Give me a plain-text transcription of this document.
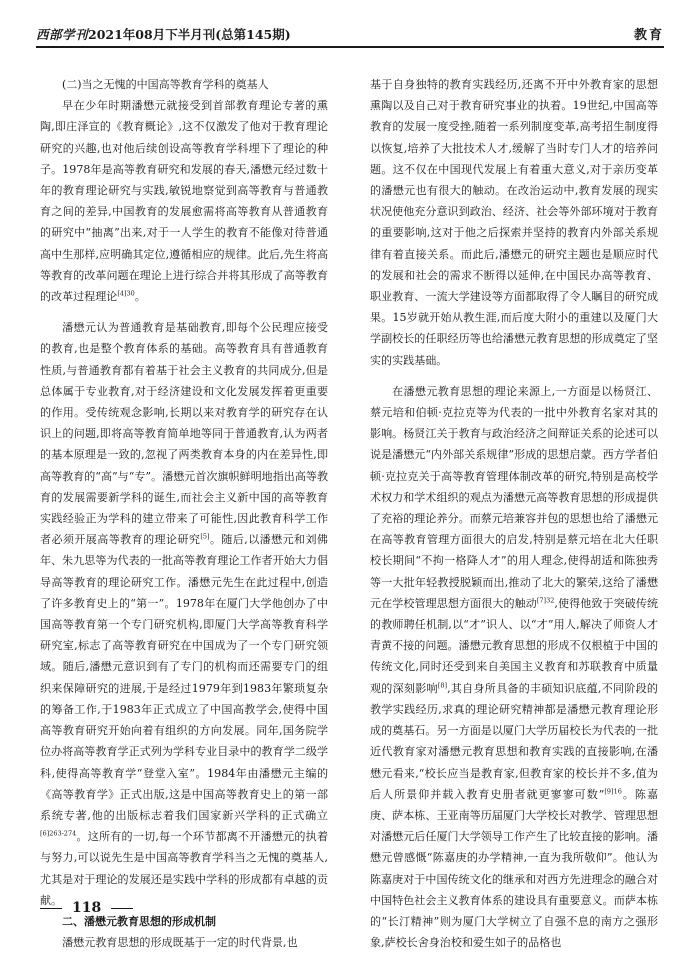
西部学刊2021年08月下半月刊(总第145期)	教育

(二)当之无愧的中国高等教育学科的奠基人

早在少年时期潘懋元就接受到首部教育理论专著的熏陶,即庄泽宣的《教育概论》,这不仅激发了他对于教育理论研究的兴趣,也对他后续创设高等教育学科埋下了理论的种子。1978年是高等教育研究和发展的春天,潘懋元经过数十年的教育理论研究与实践,敏锐地察觉到高等教育与普通教育之间的差异,中国教育的发展愈需将高等教育从普通教育的研究中“抽离”出来,对于一人学生的教育不能像对待普通高中生那样,应明确其定位,遵循相应的规律。此后,先生将高等教育的改革问题在理论上进行综合并将其形成了高等教育的改革过程理论$^{[4]30}$。

潘懋元认为普通教育是基础教育,即每个公民理应接受的教育,也是整个教育体系的基础。高等教育具有普通教育性质,与普通教育都有着基于社会主义教育的共同成分,但是总体属于专业教育,对于经济建设和文化发展发挥着更重要的作用。受传统观念影响,长期以来对教育学的研究存在认识上的问题,即将高等教育简单地等同于普通教育,认为两者的基本原理是一致的,忽视了两类教育本身的内在差异性,即高等教育的“高”与“专”。潘懋元首次旗帜鲜明地指出高等教育的发展需要新学科的诞生,而社会主义新中国的高等教育实践经验正为学科的建立带来了可能性,因此教育科学工作者必须开展高等教育的理论研究[5]。随后,以潘懋元和刘佛年、朱九思等为代表的一批高等教育理论工作者开始大力倡导高等教育的理论研究工作。潘懋元先生在此过程中,创造了许多教育史上的“第一”。1978年在厦门大学他创办了中国高等教育第一个专门研究机构,即厦门大学高等教育科学研究室,标志了高等教育研究在中国成为了一个专门研究领域。随后,潘懋元意识到有了专门的机构而还需要专门的组织来保障研究的进展,于是经过1979年到1983年繁琐复杂的筹备工作,于1983年正式成立了中国高教学会,使得中国高等教育研究开始向着有组织的方向发展。同年,国务院学位办将高等教育学正式列为学科专业目录中的教育学二级学科,使得高等教育学“登堂入室”。1984年由潘懋元主编的《高等教育学》正式出版,这是中国高等教育史上的第一部系统专著,他的出版标志着我们国家新兴学科的正式确立$^{[6]263-274}$。这所有的一切,每一个环节都离不开潘懋元的执着与努力,可以说先生是中国高等教育学科当之无愧的奠基人,尤其是对于理论的发展还是实践中学科的形成都有卓越的贡献。

二、潘懋元教育思想的形成机制

潘懋元教育思想的形成既基于一定的时代背景,也

基于自身独特的教育实践经历,还离不开中外教育家的思想熏陶以及自己对于教育研究事业的执着。19世纪,中国高等教育的发展一度受挫,随着一系列制度变革,高考招生制度得以恢复,培养了大批技术人才,缓解了当时专门人才的培养问题。这不仅在中国现代发展上有着重大意义,对于亲历变革的潘懋元也有很大的触动。在改治运动中,教育发展的现实状况使他充分意识到政治、经济、社会等外部环境对于教育的重要影响,这对于他之后探索并坚持的教育内外部关系规律有着直接关系。而此后,潘懋元的研究主题也是顺应时代的发展和社会的需求不断得以延伸,在中国民办高等教育、职业教育、一流大学建设等方面都取得了令人瞩目的研究成果。15岁就开始从教生涯,而后度大附小的重建以及厦门大学副校长的任职经历等也给潘懋元教育思想的形成奠定了坚实的实践基础。

在潘懋元教育思想的理论来源上,一方面是以杨贤江、蔡元培和伯顿·克拉克等为代表的一批中外教育名家对其的影响。杨贤江关于教育与政治经济之间辩证关系的论述可以说是潘懋元“内外部关系规律”形成的思想启蒙。西方学者伯顿·克拉克关于高等教育管理体制改革的研究,特别是高校学术权力和学术组织的观点为潘懋元高等教育思想的形成提供了充裕的理论养分。而蔡元培兼容并包的思想也给了潘懋元在高等教育管理方面很大的启发,特别是蔡元培在北大任职校长期间“不拘一格降人才”的用人理念,使得胡适和陈独秀等一大批年轻教授脱颖而出,推动了北大的繁荣,这给了潘懋元在学校管理思想方面很大的触动$^{[7]32}$,使得他致于突破传统的教师聘任机制,以“才”识人、以“才”用人,解决了师资人才青黄不接的问题。潘懋元教育思想的形成不仅根植于中国的传统文化,同时还受到来自美国主义教育和苏联教育中质量观的深刻影响[8],其自身所具备的丰硕知识底蕴,不同阶段的教学实践经历,求真的理论研究精神都是潘懋元教育理论形成的奠基石。另一方面是以厦门大学历届校长为代表的一批近代教育家对潘懋元教育思想和教育实践的直接影响,在潘懋元看来,“校长应当是教育家,但教育家的校长并不多,值为后人所景仰并载入教育史册者就更寥寥可数”$^{[9]16}$。陈嘉庚、萨本栋、王亚南等历届厦门大学校长对教学、管理思想对潘懋元后任厦门大学领导工作产生了比较直接的影响。潘懋元曾感慨“陈嘉庚的办学精神,一直为我所敬仰”。他认为陈嘉庚对于中国传统文化的继承和对西方先进理念的融合对中国特色社会主义教育体系的建设具有重要意义。而萨本栋的“长汀精神”则为厦门大学树立了自强不息的南方之强形象,萨校长舍身治校和爱生如子的品格也

118
